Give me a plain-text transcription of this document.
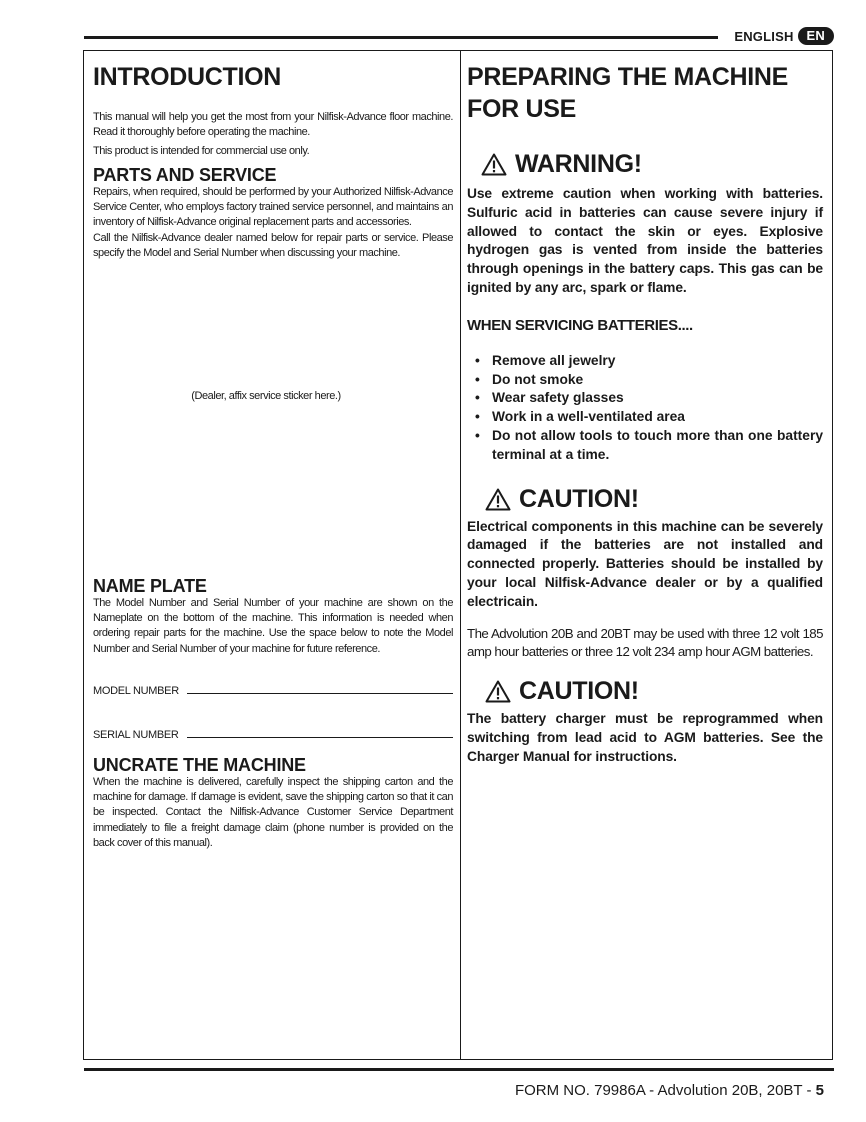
ENGLISH	EN
INTRODUCTION

This manual will help you get the most from your Nilfisk-Advance floor machine. Read it thoroughly before operating the machine.

This product is intended for commercial use only.

PARTS AND SERVICE

Repairs, when required, should be performed by your Authorized Nilfisk-Advance Service Center, who employs factory trained service personnel, and maintains an inventory of Nilfisk-Advance original replacement parts and accessories.

Call the Nilfisk-Advance dealer named below for repair parts or service. Please specify the Model and Serial Number when discussing your machine.

(Dealer, affix service sticker here.)

NAME PLATE

The Model Number and Serial Number of your machine are shown on the Nameplate on the bottom of the machine. This information is needed when ordering repair parts for the machine. Use the space below to note the Model Number and Serial Number of your machine for future reference.

MODEL NUMBER
SERIAL NUMBER
UNCRATE THE MACHINE

When the machine is delivered, carefully inspect the shipping carton and the machine for damage. If damage is evident, save the shipping carton so that it can be inspected. Contact the Nilfisk-Advance Customer Service Department immediately to file a freight damage claim (phone number is provided on the back cover of this manual).

PREPARING THE MACHINE
FOR USE
WARNING!

Use extreme caution when working with batteries. Sulfuric acid in batteries can cause severe injury if allowed to contact the skin or eyes. Explosive hydrogen gas is vented from inside the batteries through openings in the battery caps. This gas can be ignited by any arc, spark or flame.

WHEN SERVICING BATTERIES....
• Remove all jewelry
• Do not smoke
• Wear safety glasses
• Work in a well-ventilated area
• Do not allow tools to touch more than one battery terminal at a time.
CAUTION!

Electrical components in this machine can be severely damaged if the batteries are not installed and connected properly. Batteries should be installed by your local Nilfisk-Advance dealer or by a qualified electricain.

The Advolution 20B and 20BT may be used with three 12 volt 185 amp hour batteries or three 12 volt 234 amp hour AGM batteries.

CAUTION!

The battery charger must be reprogrammed when switching from lead acid to AGM batteries. See the Charger Manual for instructions.

FORM NO. 79986A - Advolution 20B, 20BT - 5
